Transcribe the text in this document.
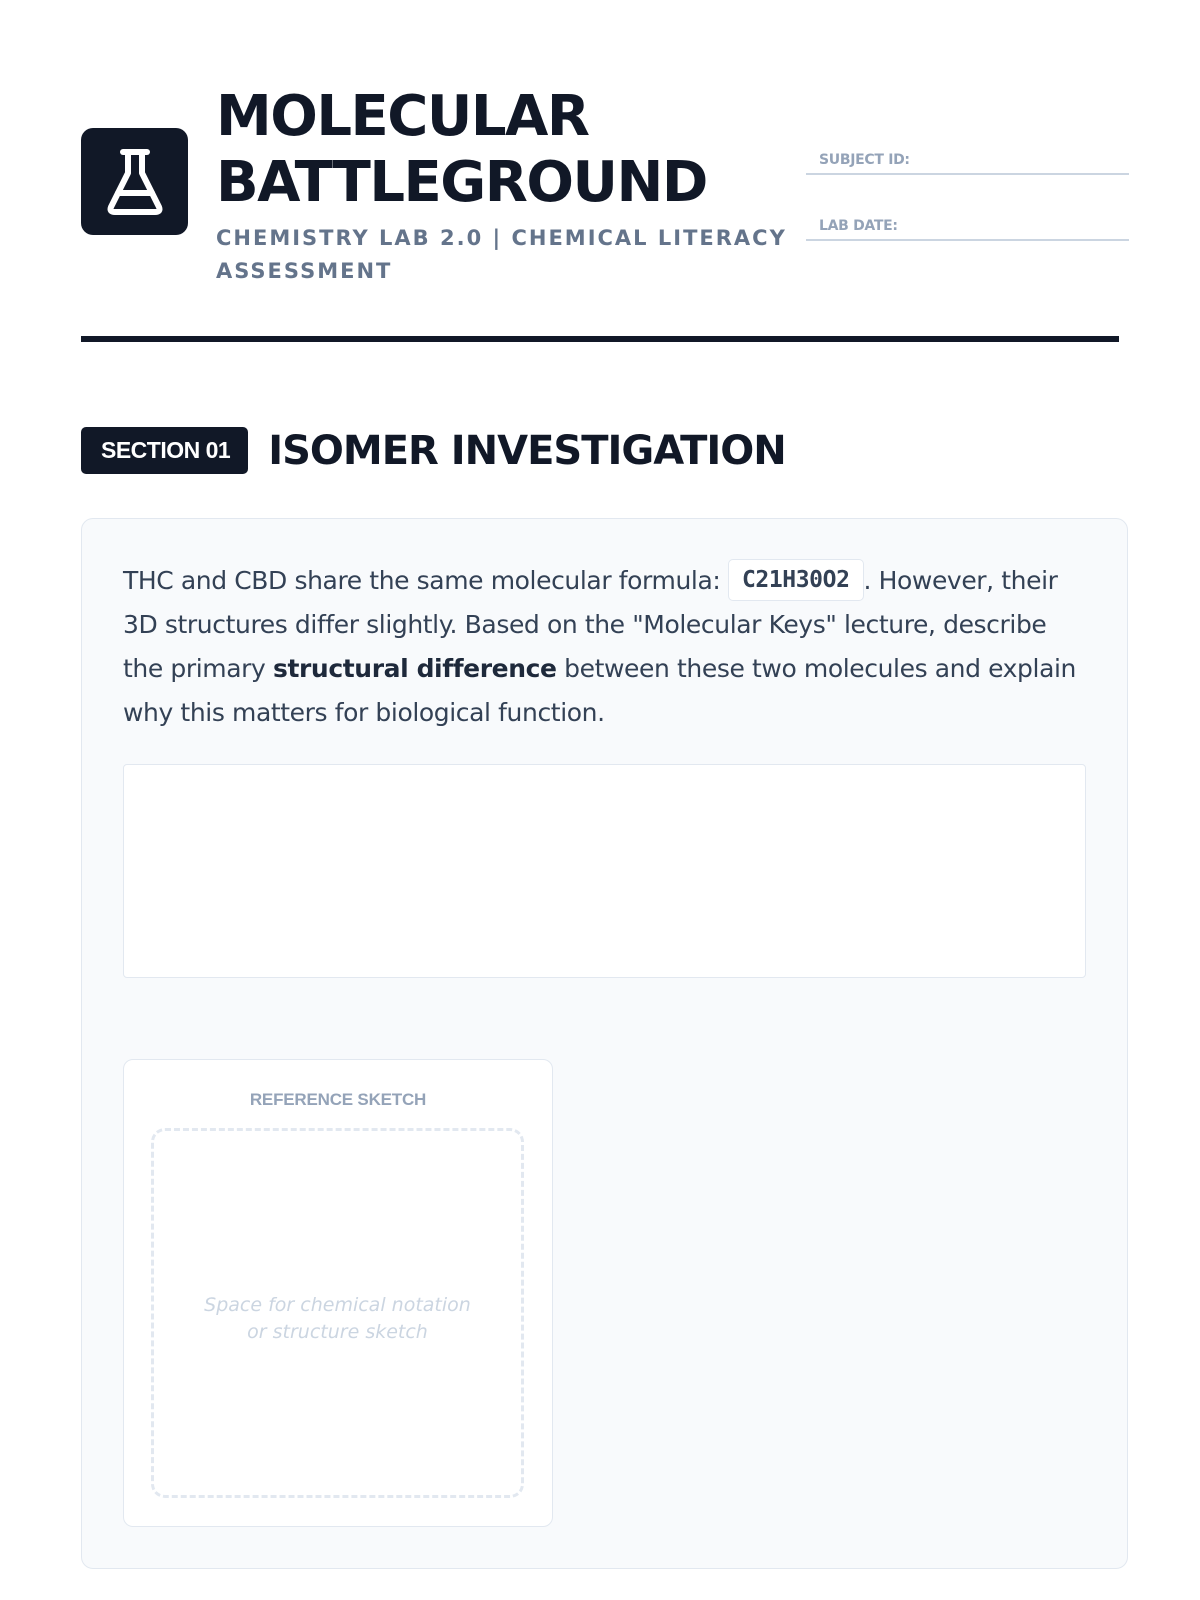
MOLECULAR
BATTLEGROUND
CHEMISTRY LAB 2.0 | CHEMICAL LITERACY ASSESSMENT
SUBJECT ID:
LAB DATE:
SECTION 01 ISOMER INVESTIGATION
THC and CBD share the same molecular formula: C21H30O2 . However, their 3D structures differ slightly. Based on the "Molecular Keys" lecture, describe the primary structural difference between these two molecules and explain why this matters for biological function.
REFERENCE SKETCH
Space for chemical notation or structure sketch
